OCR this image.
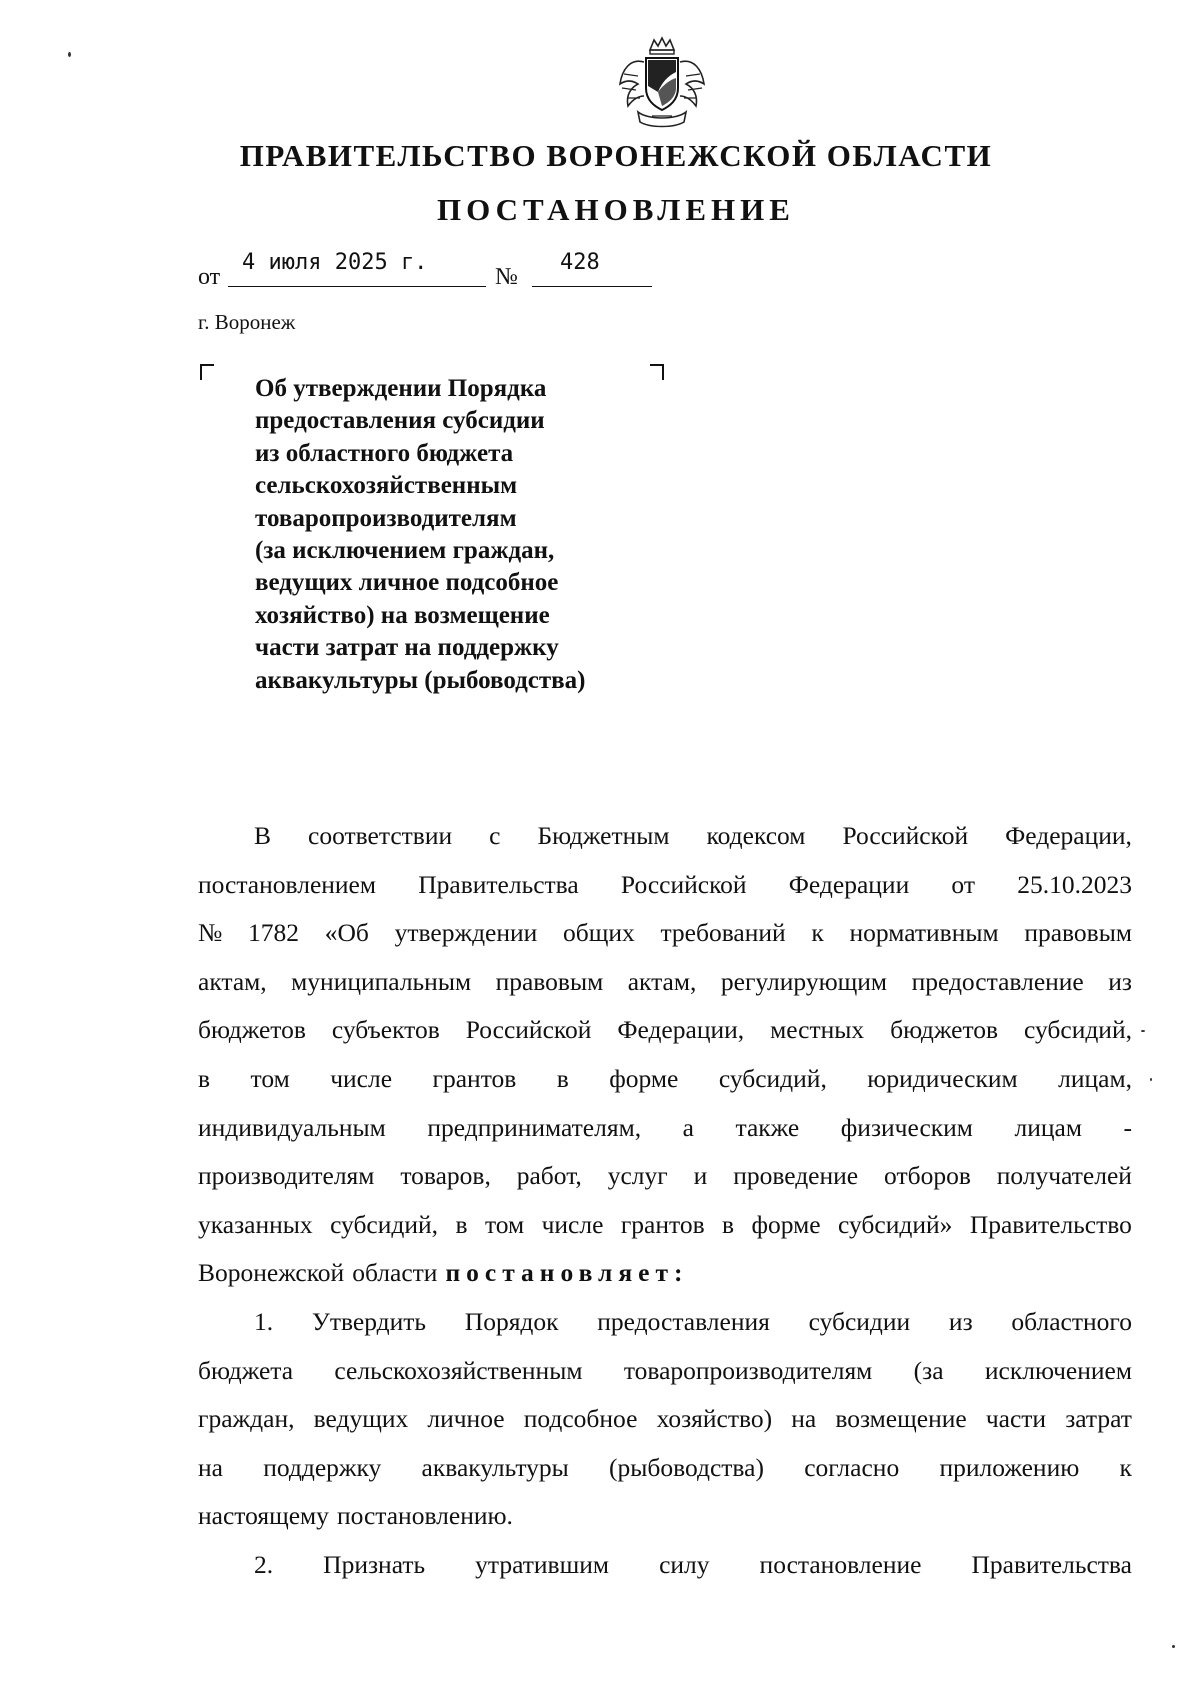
ПРАВИТЕЛЬСТВО ВОРОНЕЖСКОЙ ОБЛАСТИ
ПОСТАНОВЛЕНИЕ
от
4 июля 2025 г.
№
428
г. Воронеж
Об утверждении Порядка
предоставления субсидии
из областного бюджета
сельскохозяйственным
товаропроизводителям
(за исключением граждан,
ведущих личное подсобное
хозяйство) на возмещение
части затрат на поддержку
аквакультуры (рыбоводства)
В соответствии с Бюджетным кодексом Российской Федерации,
постановлением Правительства Российской Федерации от 25.10.2023
№ 1782 «Об утверждении общих требований к нормативным правовым
актам, муниципальным правовым актам, регулирующим предоставление из
бюджетов субъектов Российской Федерации, местных бюджетов субсидий,
в том числе грантов в форме субсидий, юридическим лицам,
индивидуальным предпринимателям, а также физическим лицам -
производителям товаров, работ, услуг и проведение отборов получателей
указанных субсидий, в том числе грантов в форме субсидий» Правительство
Воронежской области постановляет:
1. Утвердить Порядок предоставления субсидии из областного
бюджета сельскохозяйственным товаропроизводителям (за исключением
граждан, ведущих личное подсобное хозяйство) на возмещение части затрат
на поддержку аквакультуры (рыбоводства) согласно приложению к
настоящему постановлению.
2. Признать утратившим силу постановление Правительства
